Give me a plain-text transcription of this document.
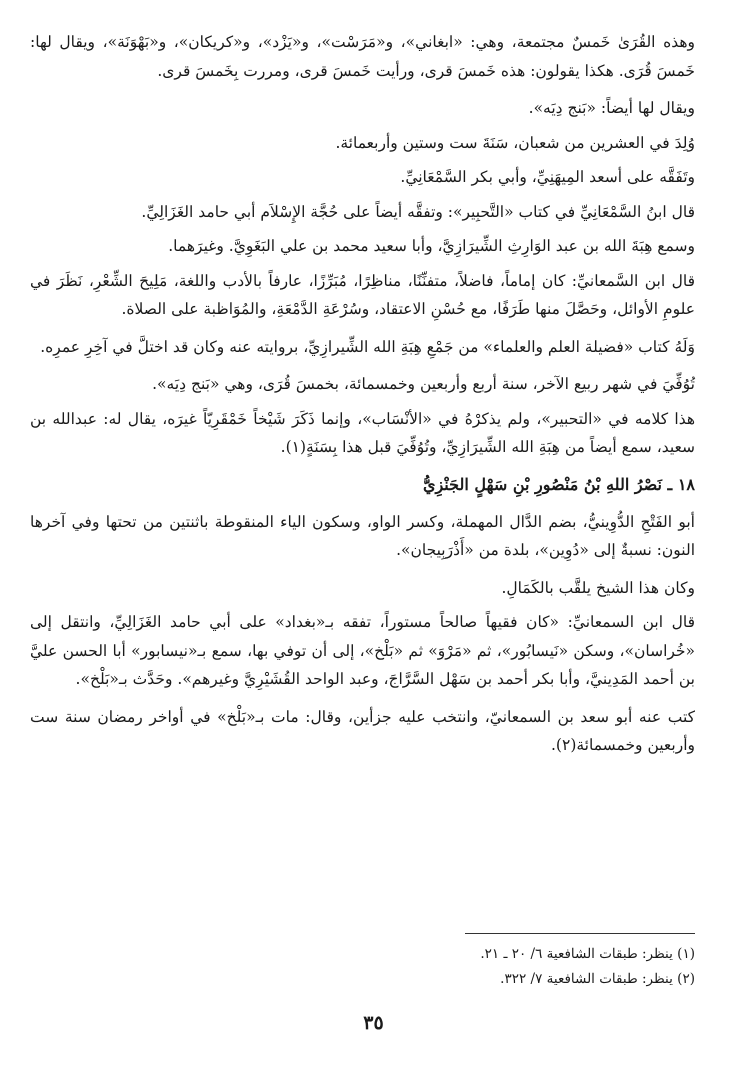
وهذه القُرَىٰ خَمسٌ مجتمعة، وهي: «ابغاني»، و«مَرَسْت»، و«يَزْد»، و«كريكان»، و«بَهْوَنَة»، ويقال لها: خَمسَ قُرَى. هكذا يقولون: هذه خَمسَ قرى، ورأيت خَمسَ قرى، ومررت بِخَمسَ قرى.

ويقال لها أيضاً: «بَنج دِيَه».

وُلِدَ في العشرين من شعبان، سَنَةَ ست وستين وأربعمائة.

وتَفَقَّه على أسعد المِيهَنِيِّ، وأبي بكر السَّمْعَانِيِّ.

قال ابنُ السَّمْعَانِيِّ في كتاب «التَّحبِير»: وتفقَّه أيضاً على حُجَّة الإِسْلاَم أبي حامد الغَزَالِيِّ.

وسمع هِبَةَ الله بن عبد الوَارِثِ الشِّيرَازِيَّ، وأبا سعيد محمد بن علي البَغَوِيَّ. وغيرَهما.

قال ابن السَّمعانيِّ: كان إماماً، فاضلاً، متفنِّنًا، مناظِرًا، مُبَرِّزًا، عارفاً بالأدب واللغة، مَلِيحَ الشِّعْرِ، نَظَرَ في علومِ الأوائل، وحَصَّلَ منها طَرَفًا، مع حُسْنِ الاعتقاد، وسُرْعَةِ الدَّمْعَةِ، والمُوَاظبة على الصلاة.

وَلَهُ كتاب «فضيلة العلم والعلماء» من جَمْعِ هِبَةِ الله الشِّيرازِيِّ، بروايته عنه وكان قد اختلَّ في آخِرِ عمرِه.

تُوُفِّيَ في شهر ربيع الآخر، سنة أربع وأربعين وخمسمائة، بخمسَ قُرَى، وهي «بَنج دِيَه».

هذا كلامه في «التحبير»، ولم يذكرْهُ في «الأنْسَاب»، وإنما ذَكَرَ شَيْخاً خَمْقَرِيّاً غيرَه، يقال له: عبدالله بن سعيد، سمع أيضاً من هِبَةِ الله الشِّيرَازِيِّ، وتُوُفِّيَ قبل هذا بِسَنَةٍ(١).

١٨ ـ نَصْرُ اللهِ بْنُ مَنْصُورِ بْنِ سَهْلٍ الجَنْزِيُّ

أبو الفَتْحِ الدُّوِينيُّ، بضم الدَّال المهملة، وكسر الواو، وسكون الياء المنقوطة باثنتين من تحتها وفي آخرها النون: نسبةٌ إلى «دُوِين»، بلدة من «أَذْرَبِيجان».

وكان هذا الشيخ يلقَّب بالكَمَالِ.

قال ابن السمعانيِّ: «كان فقيهاً صالحاً مستوراً، تفقه بـ«بغداد» على أبي حامد الغَزَالِيِّ، وانتقل إلى «خُراسان»، وسكن «نَيسابُور»، ثم «مَرْوَ» ثم «بَلْخ»، إلى أن توفي بها، سمع بـ«نيسابور» أبا الحسن عليَّ بن أحمد المَدِينيَّ، وأبا بكر أحمد بن سَهْل السَّرَّاجَ، وعبد الواحد القُشَيْرِيَّ وغيرهم». وحَدَّث بـ«بَلْخ».

كتب عنه أبو سعد بن السمعانيّ، وانتخب عليه جزأين، وقال: مات بـ«بَلْخ» في أواخر رمضان سنة ست وأربعين وخمسمائة(٢).

(١) ينظر: طبقات الشافعية ٦/ ٢٠ ـ ٢١.

(٢) ينظر: طبقات الشافعية ٧/ ٣٢٢.

٣٥
